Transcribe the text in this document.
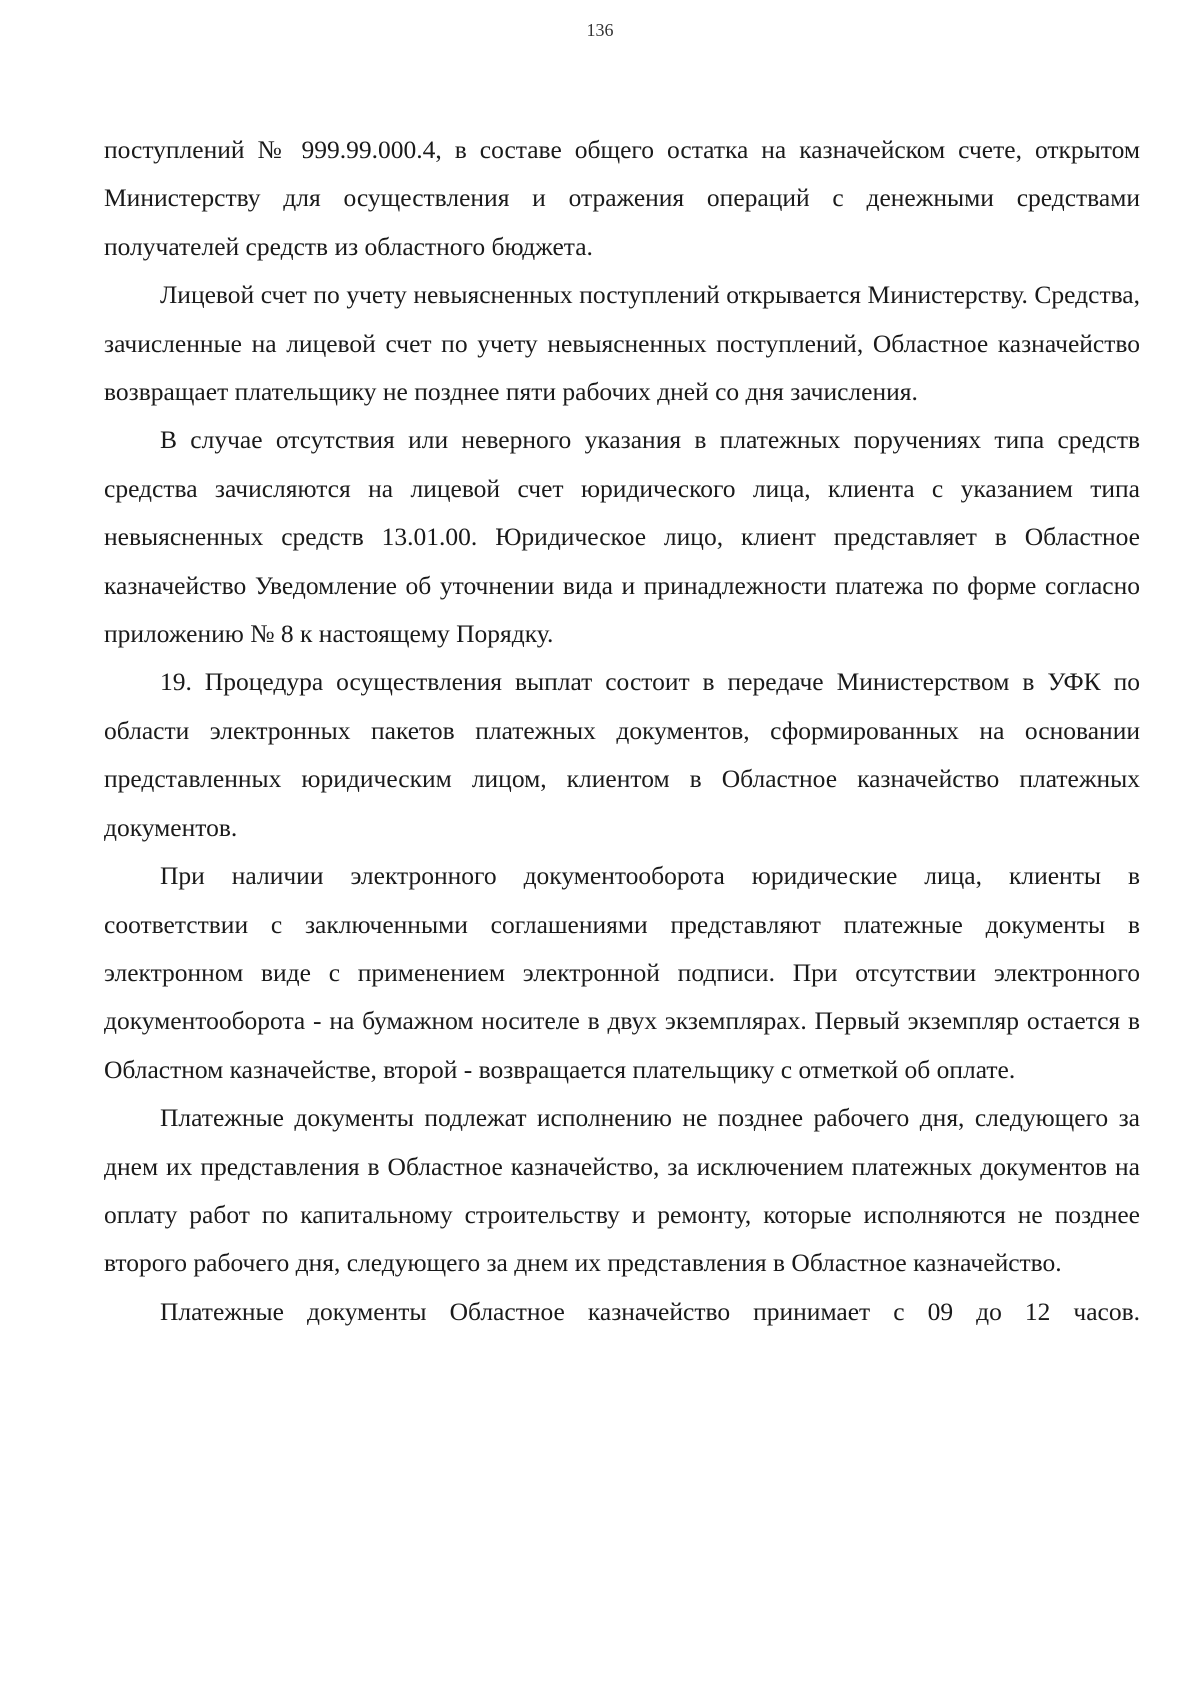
136

поступлений № 999.99.000.4, в составе общего остатка на казначейском счете, открытом Министерству для осуществления и отражения операций с денежными средствами получателей средств из областного бюджета.

Лицевой счет по учету невыясненных поступлений открывается Министерству. Средства, зачисленные на лицевой счет по учету невыясненных поступлений, Областное казначейство возвращает плательщику не позднее пяти рабочих дней со дня зачисления.

В случае отсутствия или неверного указания в платежных поручениях типа средств средства зачисляются на лицевой счет юридического лица, клиента с указанием типа невыясненных средств 13.01.00. Юридическое лицо, клиент представляет в Областное казначейство Уведомление об уточнении вида и принадлежности платежа по форме согласно приложению № 8 к настоящему Порядку.

19. Процедура осуществления выплат состоит в передаче Министерством в УФК по области электронных пакетов платежных документов, сформированных на основании представленных юридическим лицом, клиентом в Областное казначейство платежных документов.

При наличии электронного документооборота юридические лица, клиенты в соответствии с заключенными соглашениями представляют платежные документы в электронном виде с применением электронной подписи. При отсутствии электронного документооборота - на бумажном носителе в двух экземплярах. Первый экземпляр остается в Областном казначействе, второй - возвращается плательщику с отметкой об оплате.

Платежные документы подлежат исполнению не позднее рабочего дня, следующего за днем их представления в Областное казначейство, за исключением платежных документов на оплату работ по капитальному строительству и ремонту, которые исполняются не позднее второго рабочего дня, следующего за днем их представления в Областное казначейство.

Платежные документы Областное казначейство принимает с 09 до 12 часов.
